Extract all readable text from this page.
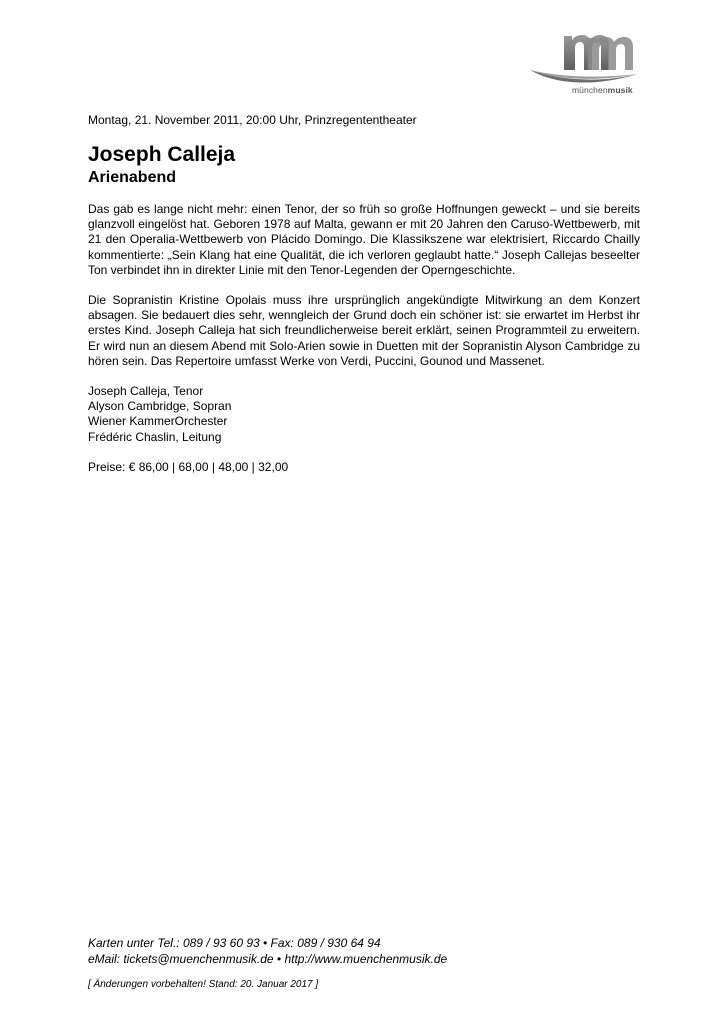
münchenmusik
Montag, 21. November 2011, 20:00 Uhr, Prinzregententheater
Joseph Calleja
Arienabend

Das gab es lange nicht mehr: einen Tenor, der so früh so große Hoffnungen geweckt – und sie bereits glanzvoll eingelöst hat. Geboren 1978 auf Malta, gewann er mit 20 Jahren den Caruso-Wettbewerb, mit 21 den Operalia-Wettbewerb von Plácido Domingo. Die Klassikszene war elektrisiert, Riccardo Chailly kommentierte: „Sein Klang hat eine Qualität, die ich verloren geglaubt hatte.“ Joseph Callejas beseelter Ton verbindet ihn in direkter Linie mit den Tenor-Legenden der Operngeschichte.

Die Sopranistin Kristine Opolais muss ihre ursprünglich angekündigte Mitwirkung an dem Konzert absagen. Sie bedauert dies sehr, wenngleich der Grund doch ein schöner ist: sie erwartet im Herbst ihr erstes Kind. Joseph Calleja hat sich freundlicherweise bereit erklärt, seinen Programmteil zu erweitern. Er wird nun an diesem Abend mit Solo-Arien sowie in Duetten mit der Sopranistin Alyson Cambridge zu hören sein. Das Repertoire umfasst Werke von Verdi, Puccini, Gounod und Massenet.

Joseph Calleja, Tenor
Alyson Cambridge, Sopran
Wiener KammerOrchester
Frédéric Chaslin, Leitung
Preise: € 86,00 | 68,00 | 48,00 | 32,00
Karten unter Tel.: 089 / 93 60 93 • Fax: 089 / 930 64 94
eMail: tickets@muenchenmusik.de • http://www.muenchenmusik.de
[ Änderungen vorbehalten! Stand: 20. Januar 2017 ]
